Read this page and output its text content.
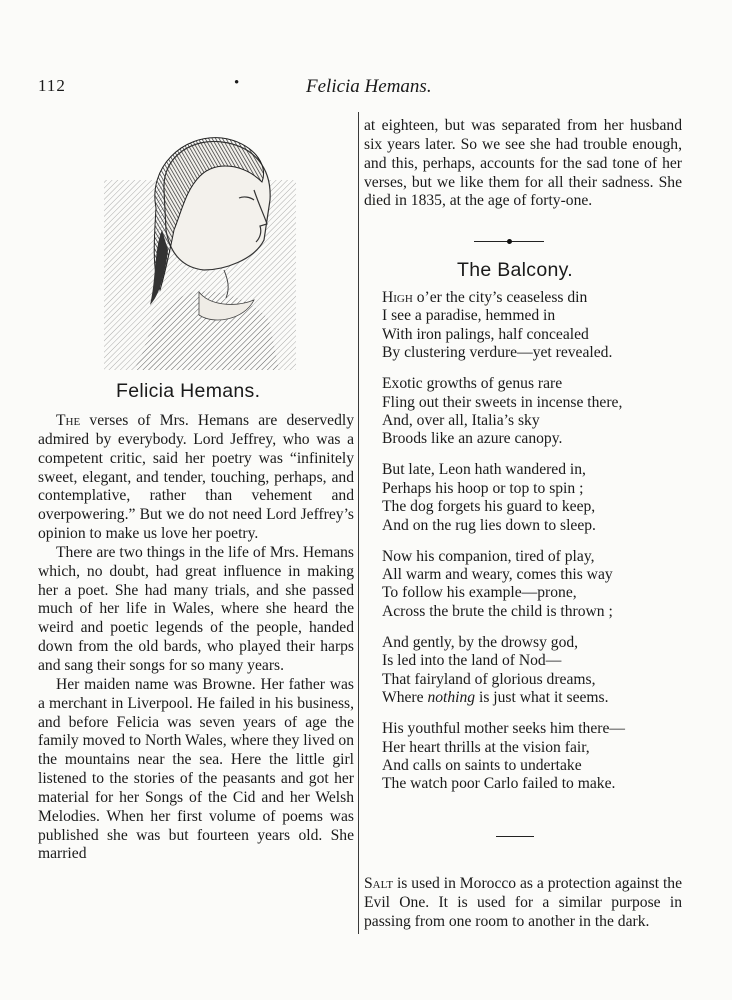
112	•	Felicia Hemans.
Felicia Hemans.

The verses of Mrs. Hemans are deservedly admired by everybody. Lord Jeffrey, who was a competent critic, said her poetry was “infinitely sweet, elegant, and tender, touching, perhaps, and contemplative, rather than vehement and overpowering.” But we do not need Lord Jeffrey’s opinion to make us love her poetry.

There are two things in the life of Mrs. Hemans which, no doubt, had great influence in making her a poet. She had many trials, and she passed much of her life in Wales, where she heard the weird and poetic legends of the people, handed down from the old bards, who played their harps and sang their songs for so many years.

Her maiden name was Browne. Her father was a merchant in Liverpool. He failed in his business, and before Felicia was seven years of age the family moved to North Wales, where they lived on the mountains near the sea. Here the little girl listened to the stories of the peasants and got her material for her Songs of the Cid and her Welsh Melodies. When her first volume of poems was published she was but fourteen years old. She married

at eighteen, but was separated from her husband six years later. So we see she had trouble enough, and this, perhaps, accounts for the sad tone of her verses, but we like them for all their sadness. She died in 1835, at the age of forty-one.

The Balcony.
High o’er the city’s ceaseless din
I see a paradise, hemmed in
With iron palings, half concealed
By clustering verdure—yet revealed.
Exotic growths of genus rare
Fling out their sweets in incense there,
And, over all, Italia’s sky
Broods like an azure canopy.
But late, Leon hath wandered in,
Perhaps his hoop or top to spin ;
The dog forgets his guard to keep,
And on the rug lies down to sleep.
Now his companion, tired of play,
All warm and weary, comes this way
To follow his example—prone,
Across the brute the child is thrown ;
And gently, by the drowsy god,
Is led into the land of Nod—
That fairyland of glorious dreams,
Where nothing is just what it seems.
His youthful mother seeks him there—
Her heart thrills at the vision fair,
And calls on saints to undertake
The watch poor Carlo failed to make.

Salt is used in Morocco as a protection against the Evil One. It is used for a similar purpose in passing from one room to another in the dark.
